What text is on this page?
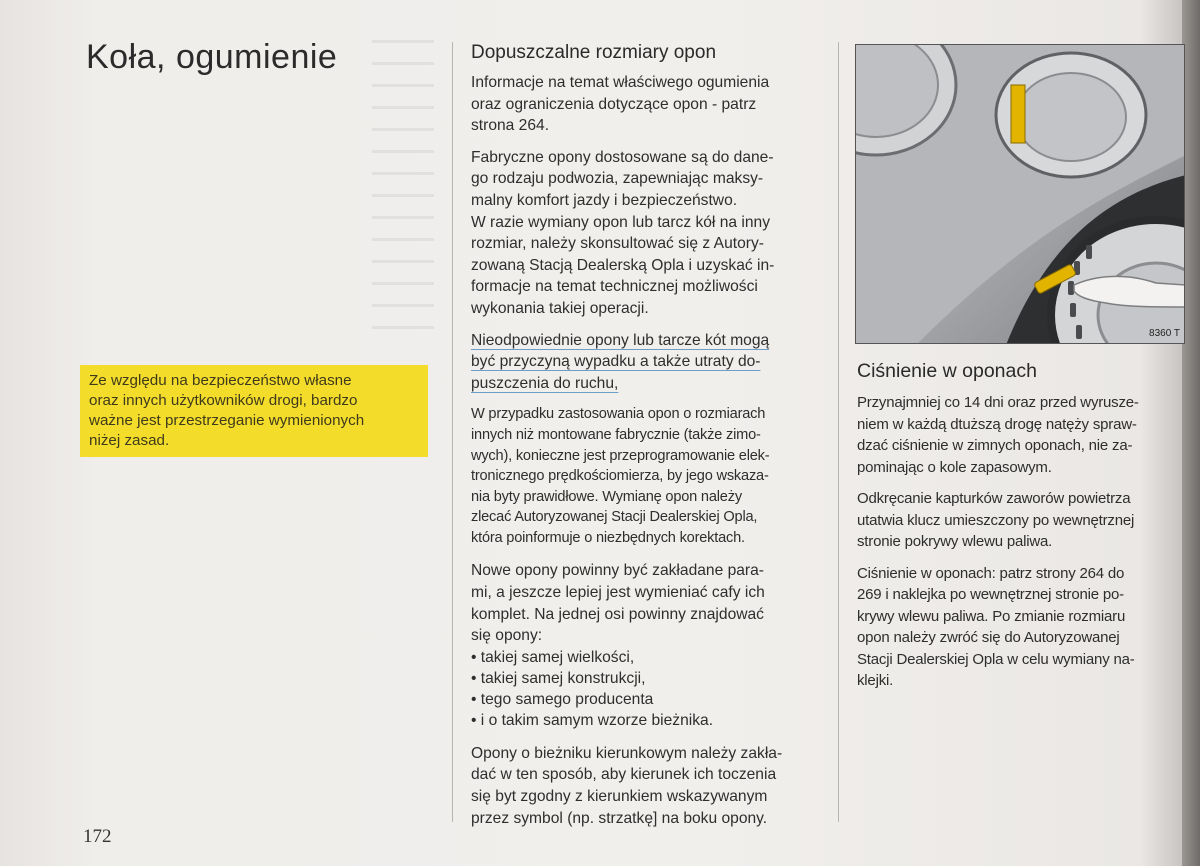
Koła, ogumienie

Ze względu na bezpieczeństwo własne

oraz innych użytkowników drogi, bardzo

ważne jest przestrzeganie wymienionych

niżej zasad.

172
Dopuszczalne rozmiary opon

Informacje na temat właściwego ogumienia
oraz ograniczenia dotyczące opon - patrz
strona 264.

Fabryczne opony dostosowane są do dane-
go rodzaju podwozia, zapewniając maksy-
malny komfort jazdy i bezpieczeństwo.
W razie wymiany opon lub tarcz kół na inny
rozmiar, należy skonsultować się z Autory-
zowaną Stacją Dealerską Opla i uzyskać in-
formacje na temat technicznej możliwości
wykonania takiej operacji.

Nieodpowiednie opony lub tarcze kót mogą
być przyczyną wypadku a także utraty do-
puszczenia do ruchu,

W przypadku zastosowania opon o rozmiarach
innych niż montowane fabrycznie (także zimo-
wych), konieczne jest przeprogramowanie elek-
tronicznego prędkościomierza, by jego wskaza-
nia byty prawidłowe. Wymianę opon należy
zlecać Autoryzowanej Stacji Dealerskiej Opla,
która poinformuje o niezbędnych korektach.

Nowe opony powinny być zakładane para-
mi, a jeszcze lepiej jest wymieniać cafy ich
komplet. Na jednej osi powinny znajdować
się opony:

• takiej samej wielkości,
• takiej samej konstrukcji,
• tego samego producenta
• i o takim samym wzorze bieżnika.

Opony o bieżniku kierunkowym należy zakła-
dać w ten sposób, aby kierunek ich toczenia
się byt zgodny z kierunkiem wskazywanym
przez symbol (np. strzatkę] na boku opony.

8360 T
Ciśnienie w oponach

Przynajmniej co 14 dni oraz przed wyrusze-
niem w każdą dtuższą drogę natęży spraw-
dzać ciśnienie w zimnych oponach, nie za-
pominając o kole zapasowym.

Odkręcanie kapturków zaworów powietrza
utatwia klucz umieszczony po wewnętrznej
stronie pokrywy wlewu paliwa.

Ciśnienie w oponach: patrz strony 264 do
269 i naklejka po wewnętrznej stronie po-
krywy wlewu paliwa. Po zmianie rozmiaru
opon należy zwróć się do Autoryzowanej
Stacji Dealerskiej Opla w celu wymiany na-
klejki.
